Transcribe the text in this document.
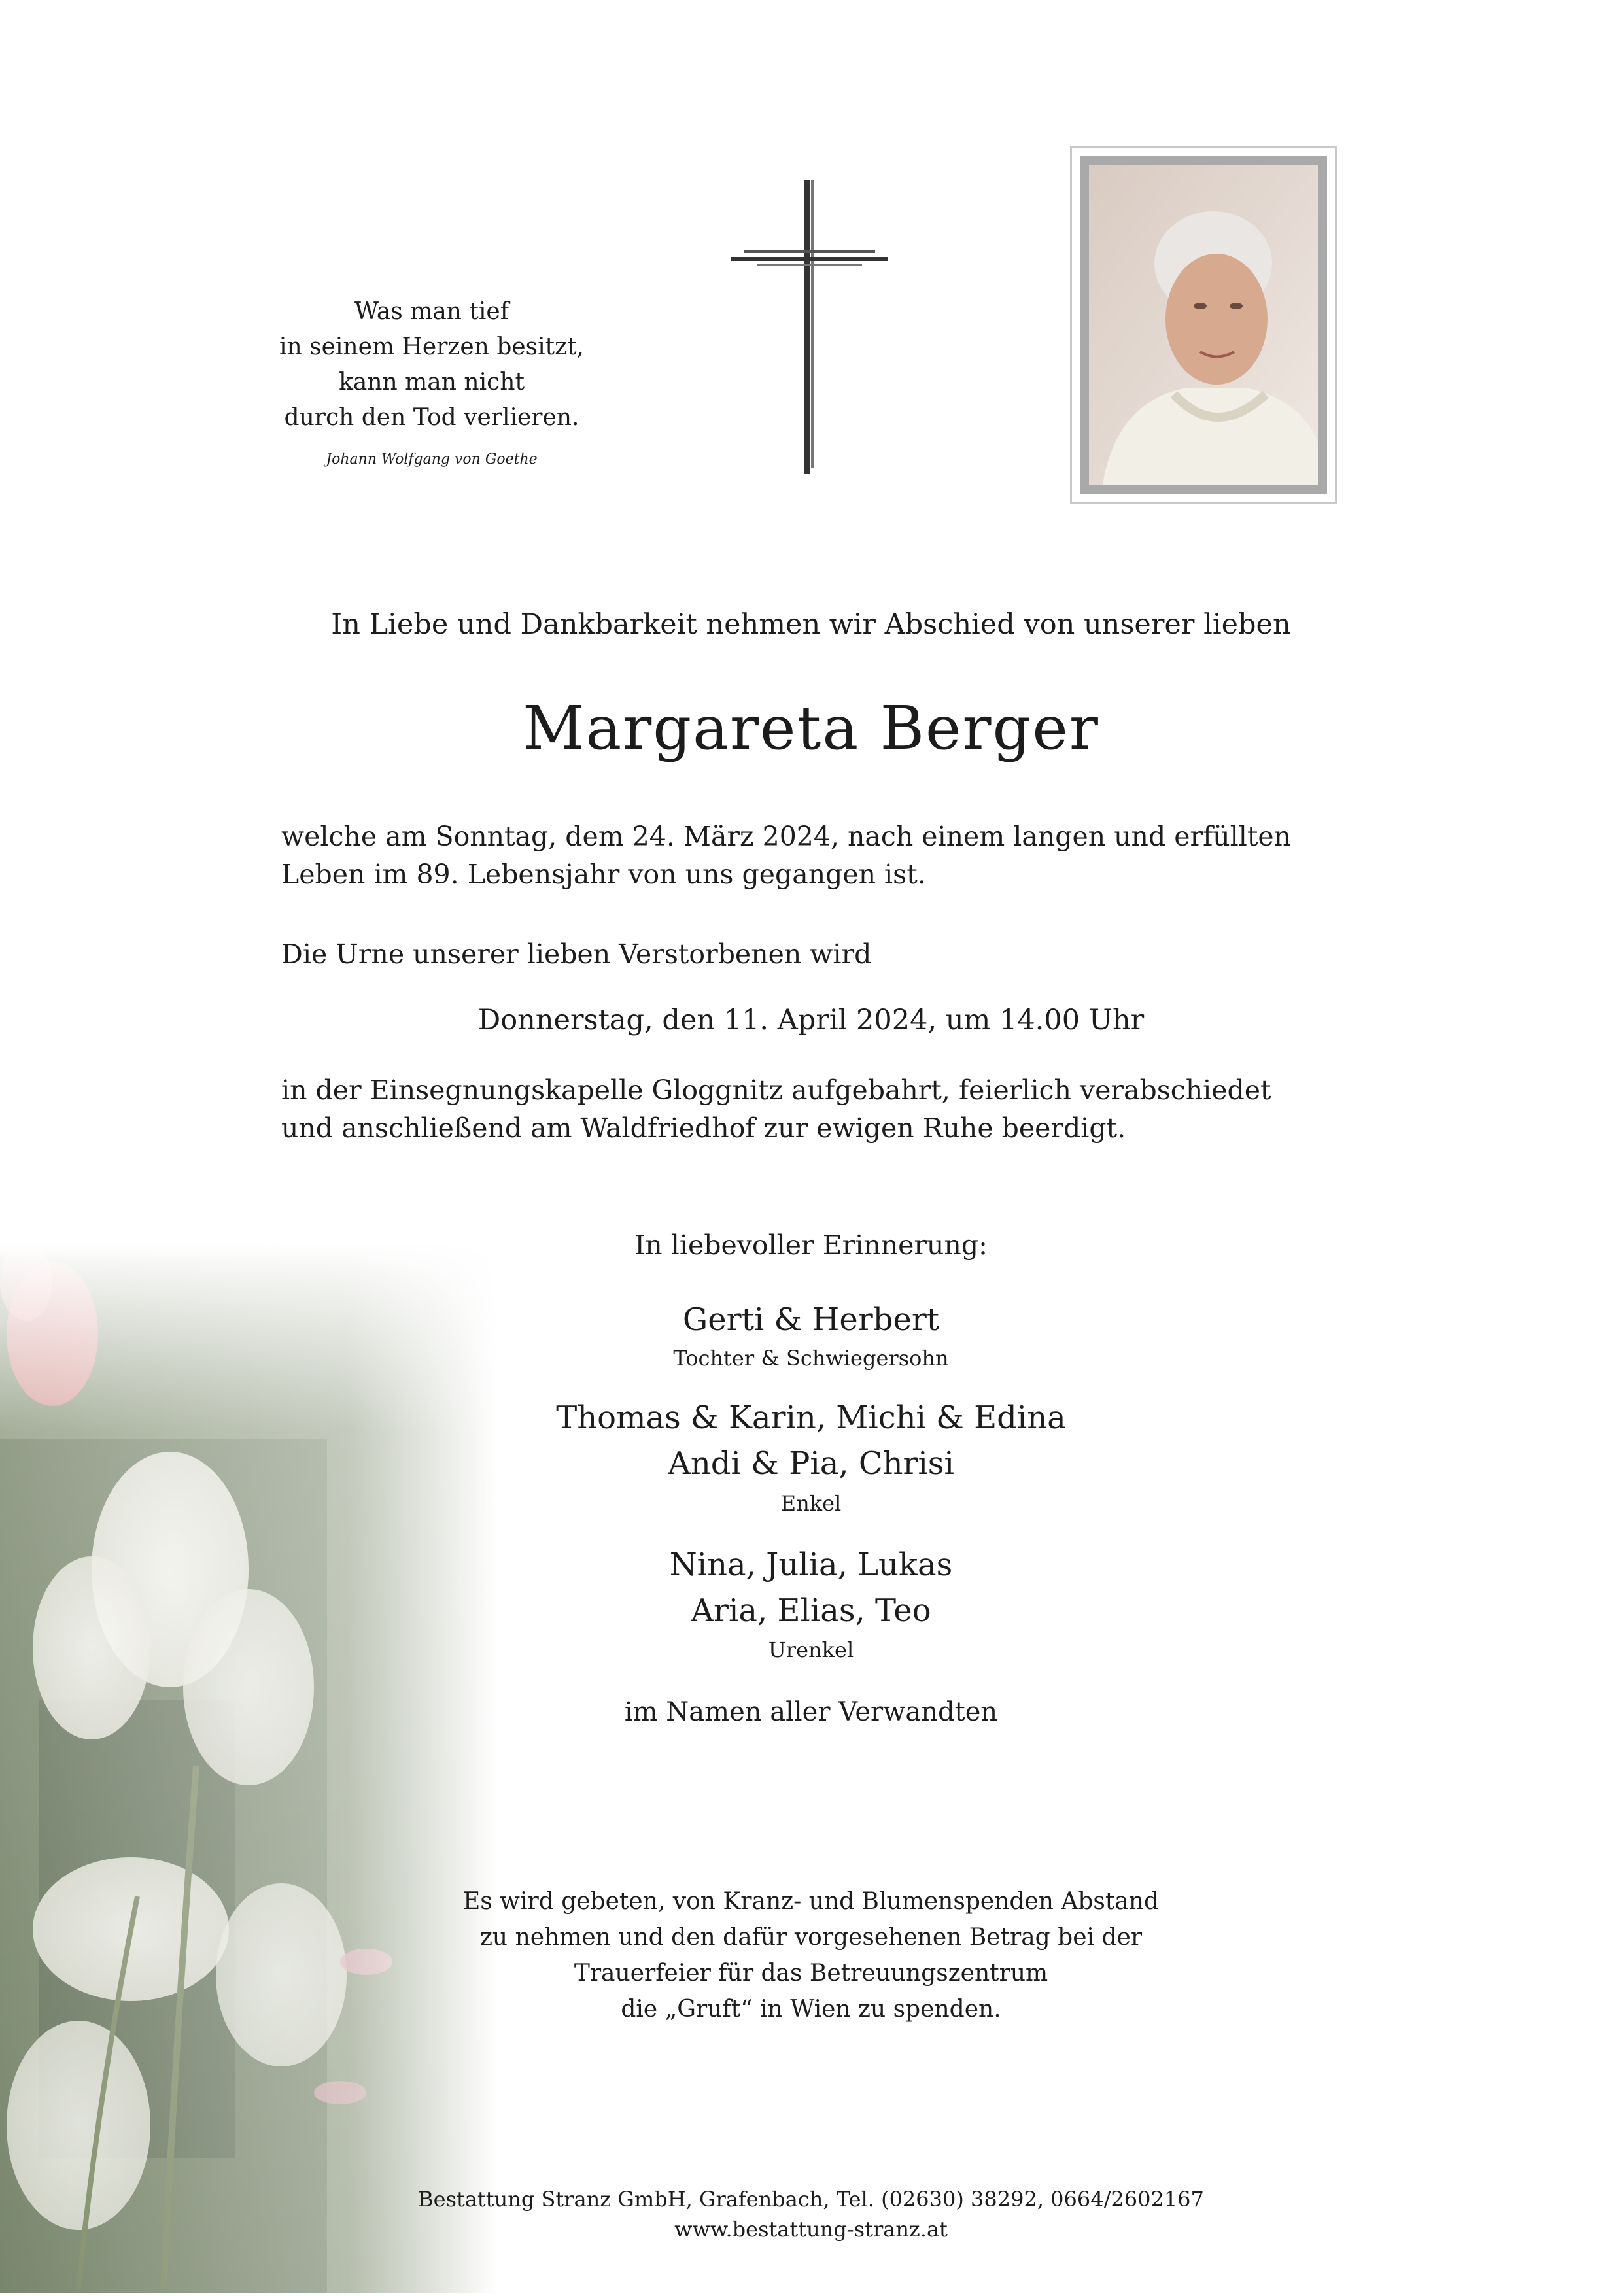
Was man tief
in seinem Herzen besitzt,
kann man nicht
durch den Tod verlieren.
Johann Wolfgang von Goethe
In Liebe und Dankbarkeit nehmen wir Abschied von unserer lieben
Margareta Berger
welche am Sonntag, dem 24. März 2024, nach einem langen und erfüllten
Leben im 89. Lebensjahr von uns gegangen ist.
Die Urne unserer lieben Verstorbenen wird
Donnerstag, den 11. April 2024, um 14.00 Uhr
in der Einsegnungskapelle Gloggnitz aufgebahrt, feierlich verabschiedet
und anschließend am Waldfriedhof zur ewigen Ruhe beerdigt.
In liebevoller Erinnerung:
Gerti & Herbert
Tochter & Schwiegersohn
Thomas & Karin, Michi & Edina
Andi & Pia, Chrisi
Enkel
Nina, Julia, Lukas
Aria, Elias, Teo
Urenkel
im Namen aller Verwandten
Es wird gebeten, von Kranz- und Blumenspenden Abstand
zu nehmen und den dafür vorgesehenen Betrag bei der
Trauerfeier für das Betreuungszentrum
die „Gruft“ in Wien zu spenden.
Bestattung Stranz GmbH, Grafenbach, Tel. (02630) 38292, 0664/2602167
www.bestattung-stranz.at
